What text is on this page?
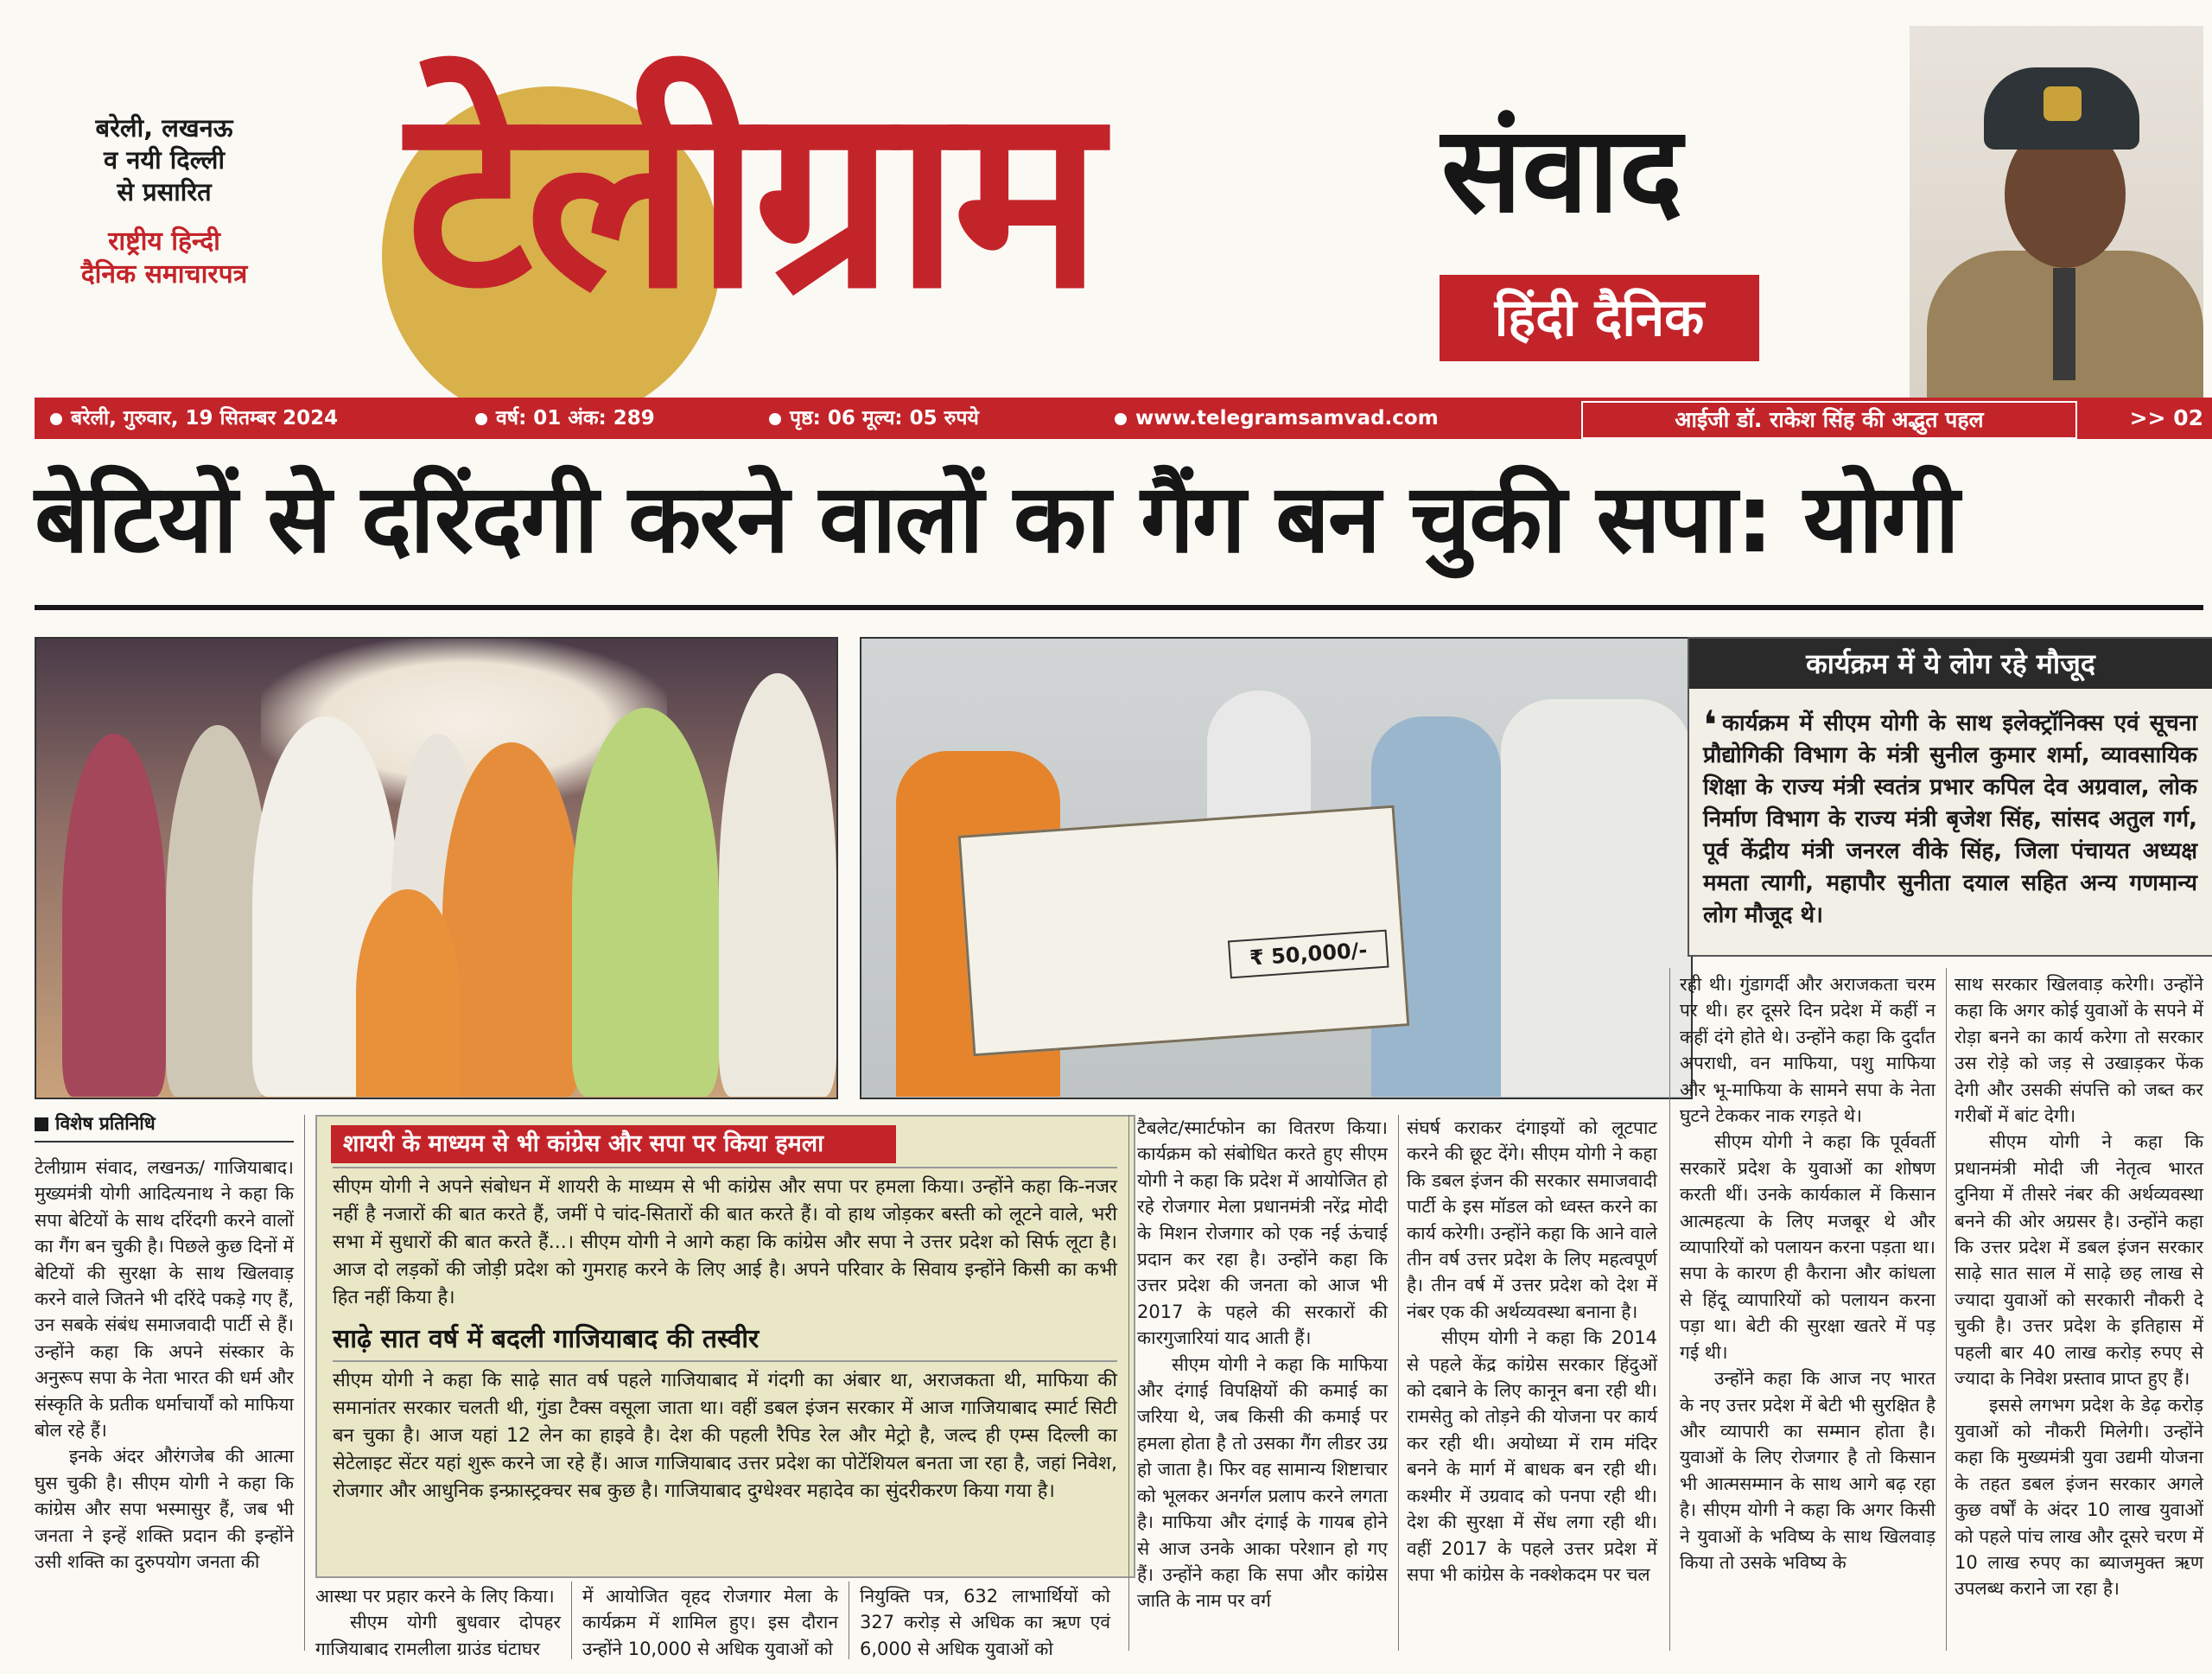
बरेली, लखनऊ
व नयी दिल्ली
से प्रसारित
राष्ट्रीय हिन्दी
दैनिक समाचारपत्र टेलीग्राम	संवाद
हिंदी दैनिक
बरेली, गुरुवार, 19 सितम्बर 2024	वर्ष: 01 अंक: 289	पृष्ठ: 06 मूल्य: 05 रुपये	www.telegramsamvad.com	आईजी डॉ. राकेश सिंह की अद्भुत पहल	>> 02
बेटियों से दरिंदगी करने वालों का गैंग बन चुकी सपा: योगी
₹ 50,000/-
कार्यक्रम में ये लोग रहे मौजूद
❛ कार्यक्रम में सीएम योगी के साथ इलेक्ट्रॉनिक्स एवं सूचना प्रौद्योगिकी विभाग के मंत्री सुनील कुमार शर्मा, व्यावसायिक शिक्षा के राज्य मंत्री स्वतंत्र प्रभार कपिल देव अग्रवाल, लोक निर्माण विभाग के राज्य मंत्री बृजेश सिंह, सांसद अतुल गर्ग, पूर्व केंद्रीय मंत्री जनरल वीके सिंह, जिला पंचायत अध्यक्ष ममता त्यागी, महापौर सुनीता दयाल सहित अन्य गणमान्य लोग मौजूद थे।
विशेष प्रतिनिधि

टेलीग्राम संवाद, लखनऊ/ गाजियाबाद। मुख्यमंत्री योगी आदित्यनाथ ने कहा कि सपा बेटियों के साथ दरिंदगी करने वालों का गैंग बन चुकी है। पिछले कुछ दिनों में बेटियों की सुरक्षा के साथ खिलवाड़ करने वाले जितने भी दरिंदे पकड़े गए हैं, उन सबके संबंध समाजवादी पार्टी से हैं। उन्होंने कहा कि अपने संस्कार के अनुरूप सपा के नेता भारत की धर्म और संस्कृति के प्रतीक धर्माचार्यों को माफिया बोल रहे हैं।

इनके अंदर औरंगजेब की आत्मा घुस चुकी है। सीएम योगी ने कहा कि कांग्रेस और सपा भस्मासुर हैं, जब भी जनता ने इन्हें शक्ति प्रदान की इन्होंने उसी शक्ति का दुरुपयोग जनता की

शायरी के माध्यम से भी कांग्रेस और सपा पर किया हमला
सीएम योगी ने अपने संबोधन में शायरी के माध्यम से भी कांग्रेस और सपा पर हमला किया। उन्होंने कहा कि-नजर नहीं है नजारों की बात करते हैं, जमीं पे चांद-सितारों की बात करते हैं। वो हाथ जोड़कर बस्ती को लूटने वाले, भरी सभा में सुधारों की बात करते हैं...। सीएम योगी ने आगे कहा कि कांग्रेस और सपा ने उत्तर प्रदेश को सिर्फ लूटा है। आज दो लड़कों की जोड़ी प्रदेश को गुमराह करने के लिए आई है। अपने परिवार के सिवाय इन्होंने किसी का कभी हित नहीं किया है।
साढ़े सात वर्ष में बदली गाजियाबाद की तस्वीर
सीएम योगी ने कहा कि साढ़े सात वर्ष पहले गाजियाबाद में गंदगी का अंबार था, अराजकता थी, माफिया की समानांतर सरकार चलती थी, गुंडा टैक्स वसूला जाता था। वहीं डबल इंजन सरकार में आज गाजियाबाद स्मार्ट सिटी बन चुका है। आज यहां 12 लेन का हाइवे है। देश की पहली रैपिड रेल और मेट्रो है, जल्द ही एम्स दिल्ली का सेटेलाइट सेंटर यहां शुरू करने जा रहे हैं। आज गाजियाबाद उत्तर प्रदेश का पोटेंशियल बनता जा रहा है, जहां निवेश, रोजगार और आधुनिक इन्फ्रास्ट्रक्चर सब कुछ है। गाजियाबाद दुग्धेश्वर महादेव का सुंदरीकरण किया गया है।

आस्था पर प्रहार करने के लिए किया।

सीएम योगी बुधवार दोपहर गाजियाबाद रामलीला ग्राउंड घंटाघर

में आयोजित वृहद रोजगार मेला के कार्यक्रम में शामिल हुए। इस दौरान उन्होंने 10,000 से अधिक युवाओं को
नियुक्ति पत्र, 632 लाभार्थियों को 327 करोड़ से अधिक का ऋण एवं 6,000 से अधिक युवाओं को

टैबलेट/स्मार्टफोन का वितरण किया। कार्यक्रम को संबोधित करते हुए सीएम योगी ने कहा कि प्रदेश में आयोजित हो रहे रोजगार मेला प्रधानमंत्री नरेंद्र मोदी के मिशन रोजगार को एक नई ऊंचाई प्रदान कर रहा है। उन्होंने कहा कि उत्तर प्रदेश की जनता को आज भी 2017 के पहले की सरकारों की कारगुजारियां याद आती हैं।

सीएम योगी ने कहा कि माफिया और दंगाई विपक्षियों की कमाई का जरिया थे, जब किसी की कमाई पर हमला होता है तो उसका गैंग लीडर उग्र हो जाता है। फिर वह सामान्य शिष्टाचार को भूलकर अनर्गल प्रलाप करने लगता है। माफिया और दंगाई के गायब होने से आज उनके आका परेशान हो गए हैं। उन्होंने कहा कि सपा और कांग्रेस जाति के नाम पर वर्ग

संघर्ष कराकर दंगाइयों को लूटपाट करने की छूट देंगे। सीएम योगी ने कहा कि डबल इंजन की सरकार समाजवादी पार्टी के इस मॉडल को ध्वस्त करने का कार्य करेगी। उन्होंने कहा कि आने वाले तीन वर्ष उत्तर प्रदेश के लिए महत्वपूर्ण है। तीन वर्ष में उत्तर प्रदेश को देश में नंबर एक की अर्थव्यवस्था बनाना है।

सीएम योगी ने कहा कि 2014 से पहले केंद्र कांग्रेस सरकार हिंदुओं को दबाने के लिए कानून बना रही थी। रामसेतु को तोड़ने की योजना पर कार्य कर रही थी। अयोध्या में राम मंदिर बनने के मार्ग में बाधक बन रही थी। कश्मीर में उग्रवाद को पनपा रही थी। देश की सुरक्षा में सेंध लगा रही थी। वहीं 2017 के पहले उत्तर प्रदेश में सपा भी कांग्रेस के नक्शेकदम पर चल

रही थी। गुंडागर्दी और अराजकता चरम पर थी। हर दूसरे दिन प्रदेश में कहीं न कहीं दंगे होते थे। उन्होंने कहा कि दुर्दांत अपराधी, वन माफिया, पशु माफिया और भू-माफिया के सामने सपा के नेता घुटने टेककर नाक रगड़ते थे।

सीएम योगी ने कहा कि पूर्ववर्ती सरकारें प्रदेश के युवाओं का शोषण करती थीं। उनके कार्यकाल में किसान आत्महत्या के लिए मजबूर थे और व्यापारियों को पलायन करना पड़ता था। सपा के कारण ही कैराना और कांधला से हिंदू व्यापारियों को पलायन करना पड़ा था। बेटी की सुरक्षा खतरे में पड़ गई थी।

उन्होंने कहा कि आज नए भारत के नए उत्तर प्रदेश में बेटी भी सुरक्षित है और व्यापारी का सम्मान होता है। युवाओं के लिए रोजगार है तो किसान भी आत्मसम्मान के साथ आगे बढ़ रहा है। सीएम योगी ने कहा कि अगर किसी ने युवाओं के भविष्य के साथ खिलवाड़ किया तो उसके भविष्य के

साथ सरकार खिलवाड़ करेगी। उन्होंने कहा कि अगर कोई युवाओं के सपने में रोड़ा बनने का कार्य करेगा तो सरकार उस रोड़े को जड़ से उखाड़कर फेंक देगी और उसकी संपत्ति को जब्त कर गरीबों में बांट देगी।

सीएम योगी ने कहा कि प्रधानमंत्री मोदी जी नेतृत्व भारत दुनिया में तीसरे नंबर की अर्थव्यवस्था बनने की ओर अग्रसर है। उन्होंने कहा कि उत्तर प्रदेश में डबल इंजन सरकार साढ़े सात साल में साढ़े छह लाख से ज्यादा युवाओं को सरकारी नौकरी दे चुकी है। उत्तर प्रदेश के इतिहास में पहली बार 40 लाख करोड़ रुपए से ज्यादा के निवेश प्रस्ताव प्राप्त हुए हैं।

इससे लगभग प्रदेश के डेढ़ करोड़ युवाओं को नौकरी मिलेगी। उन्होंने कहा कि मुख्यमंत्री युवा उद्यमी योजना के तहत डबल इंजन सरकार अगले कुछ वर्षों के अंदर 10 लाख युवाओं को पहले पांच लाख और दूसरे चरण में 10 लाख रुपए का ब्याजमुक्त ऋण उपलब्ध कराने जा रहा है।
